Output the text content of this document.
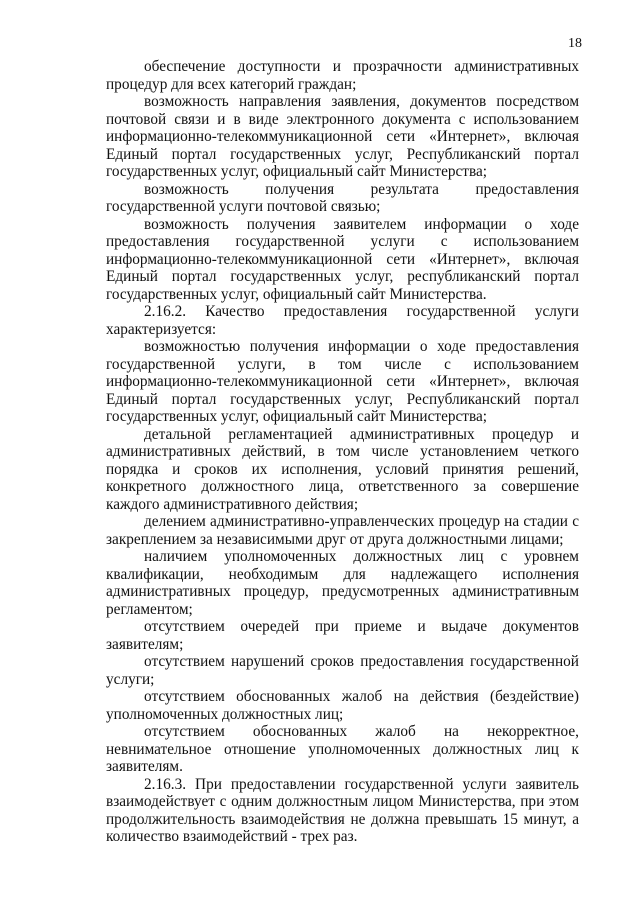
18

обеспечение доступности и прозрачности административных процедур для всех категорий граждан;

возможность направления заявления, документов посредством почтовой связи и в виде электронного документа с использованием информационно-телекоммуникационной сети «Интернет», включая Единый портал государственных услуг, Республиканский портал государственных услуг, официальный сайт Министерства;

возможность получения результата предоставления государственной услуги почтовой связью;

возможность получения заявителем информации о ходе предоставления государственной услуги с использованием информационно-телекоммуникационной сети «Интернет», включая Единый портал государственных услуг, республиканский портал государственных услуг, официальный сайт Министерства.

2.16.2. Качество предоставления государственной услуги характеризуется:

возможностью получения информации о ходе предоставления государственной услуги, в том числе с использованием информационно-телекоммуникационной сети «Интернет», включая Единый портал государственных услуг, Республиканский портал государственных услуг, официальный сайт Министерства;

детальной регламентацией административных процедур и административных действий, в том числе установлением четкого порядка и сроков их исполнения, условий принятия решений, конкретного должностного лица, ответственного за совершение каждого административного действия;

делением административно-управленческих процедур на стадии с закреплением за независимыми друг от друга должностными лицами;

наличием уполномоченных должностных лиц с уровнем квалификации, необходимым для надлежащего исполнения административных процедур, предусмотренных административным регламентом;

отсутствием очередей при приеме и выдаче документов заявителям;

отсутствием нарушений сроков предоставления государственной услуги;

отсутствием обоснованных жалоб на действия (бездействие) уполномоченных должностных лиц;

отсутствием обоснованных жалоб на некорректное, невнимательное отношение уполномоченных должностных лиц к заявителям.

2.16.3. При предоставлении государственной услуги заявитель взаимодействует с одним должностным лицом Министерства, при этом продолжительность взаимодействия не должна превышать 15 минут, а количество взаимодействий - трех раз.
